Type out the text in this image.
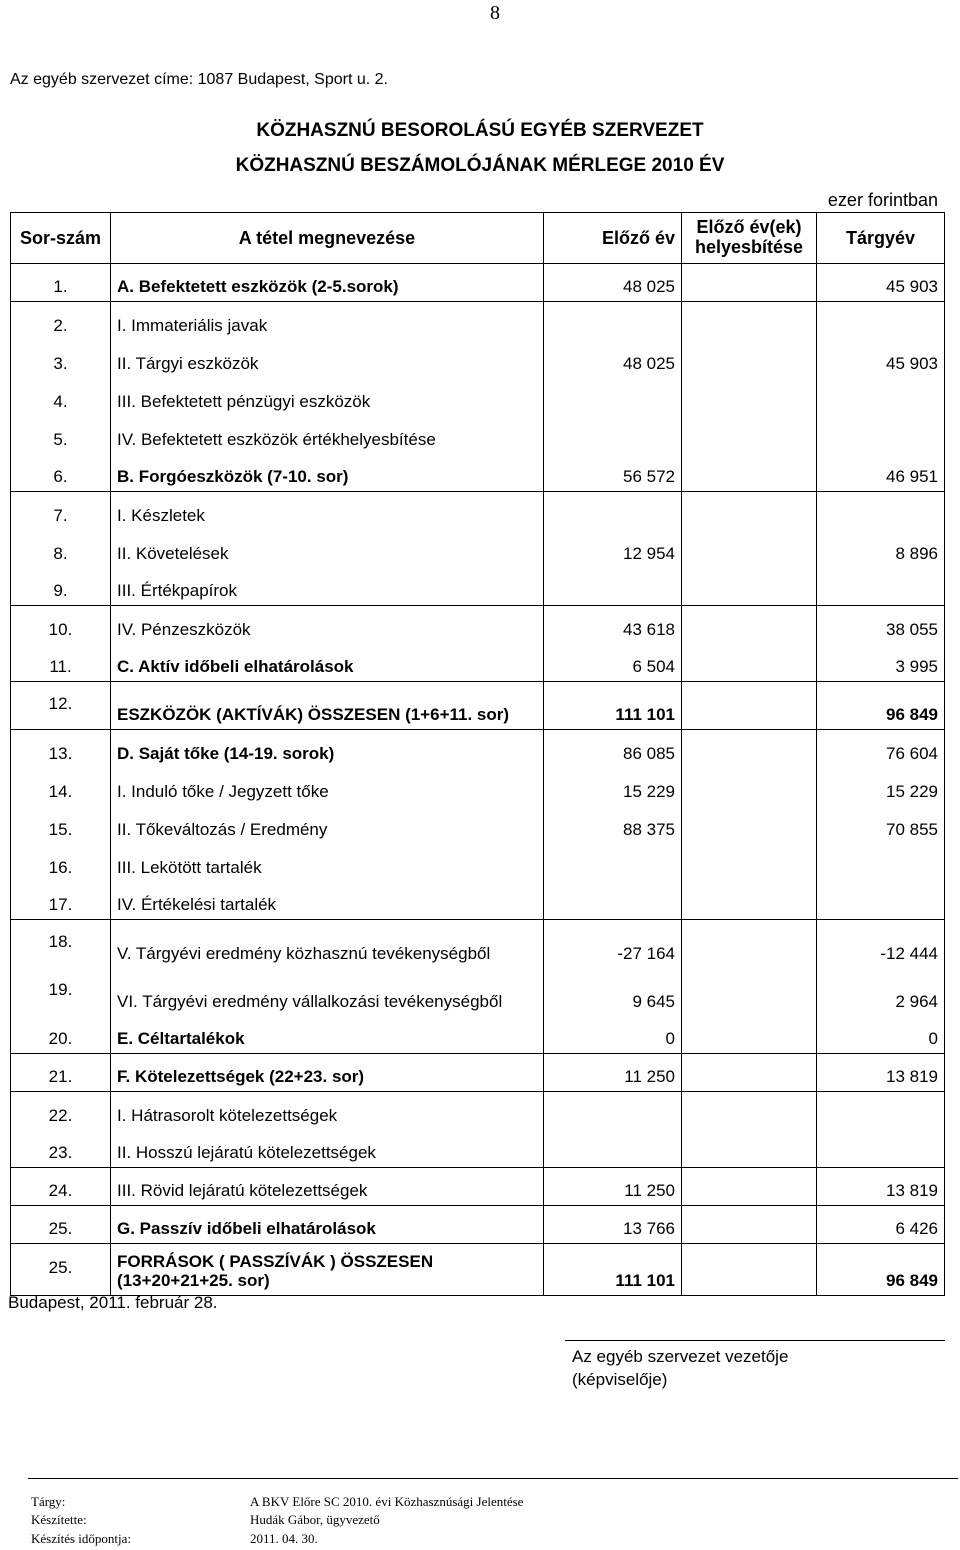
8
Az egyéb szervezet címe: 1087 Budapest, Sport u. 2.
KÖZHASZNÚ BESOROLÁSÚ EGYÉB SZERVEZET
KÖZHASZNÚ BESZÁMOLÓJÁNAK MÉRLEGE 2010 ÉV
ezer forintban
Sor-szám	A tétel megnevezése	Előző év	Előző év(ek)
helyesbítése	Tárgyév
1.	A. Befektetett eszközök (2-5.sorok)	48 025		45 903
2.	I. Immateriális javak			
3.	II. Tárgyi eszközök	48 025		45 903
4.	III. Befektetett pénzügyi eszközök			
5.	IV. Befektetett eszközök értékhelyesbítése			
6.	B. Forgóeszközök (7-10. sor)	56 572		46 951
7.	I. Készletek			
8.	II. Követelések	12 954		8 896
9.	III. Értékpapírok			
10.	IV. Pénzeszközök	43 618		38 055
11.	C. Aktív időbeli elhatárolások	6 504		3 995
12.	ESZKÖZÖK (AKTÍVÁK) ÖSSZESEN (1+6+11. sor)	111 101		96 849
13.	D. Saját tőke (14-19. sorok)	86 085		76 604
14.	I. Induló tőke / Jegyzett tőke	15 229		15 229
15.	II. Tőkeváltozás / Eredmény	88 375		70 855
16.	III. Lekötött tartalék			
17.	IV. Értékelési tartalék			
18.	V. Tárgyévi eredmény közhasznú tevékenységből	-27 164		-12 444
19.	VI. Tárgyévi eredmény vállalkozási tevékenységből	9 645		2 964
20.	E. Céltartalékok	0		0
21.	F. Kötelezettségek (22+23. sor)	11 250		13 819
22.	I. Hátrasorolt kötelezettségek			
23.	II. Hosszú lejáratú kötelezettségek			
24.	III. Rövid lejáratú kötelezettségek	11 250		13 819
25.	G. Passzív időbeli elhatárolások	13 766		6 426
25.	FORRÁSOK ( PASSZÍVÁK ) ÖSSZESEN (13+20+21+25. sor)	111 101		96 849
Budapest, 2011. február 28.
Az egyéb szervezet vezetője
(képviselője)
Tárgy:	A BKV Előre SC 2010. évi Közhasznúsági Jelentése
Készítette:	Hudák Gábor, ügyvezető
Készítés időpontja:	2011. 04. 30.
